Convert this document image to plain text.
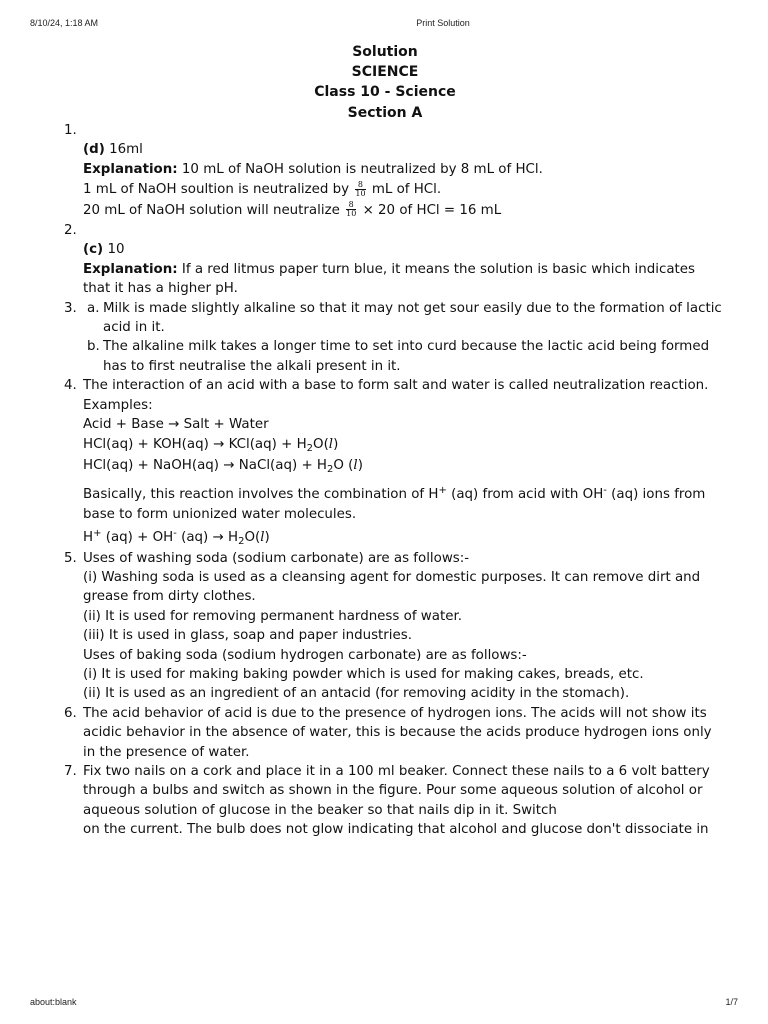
8/10/24, 1:18 AM	Print Solution
Solution
SCIENCE
Class 10 - Science
Section A
1.
(d) 16ml
Explanation: 10 mL of NaOH solution is neutralized by 8 mL of HCl.
1 mL of NaOH soultion is neutralized by $\frac{8}{10}$ mL of HCl.
20 mL of NaOH solution will neutralize $\frac{8}{10} \times 20$ of HCl = 16 mL
2.
(c) 10
Explanation: If a red litmus paper turn blue, it means the solution is basic which indicates that it has a higher pH.
3. a. Milk is made slightly alkaline so that it may not get sour easily due to the formation of lactic acid in it.
b. The alkaline milk takes a longer time to set into curd because the lactic acid being formed has to first neutralise the alkali present in it.
4. The interaction of an acid with a base to form salt and water is called neutralization reaction.
Examples:
Acid + Base → Salt + Water
$HCl(aq) + KOH(aq) \to KCl(aq) + H_2O(l)$
HCl(aq) + NaOH(aq) → NaCl(aq) + $H_2O$ (l)
Basically, this reaction involves the combination of H+ (aq) from acid with OH- (aq) ions from base to form unionized water molecules.
H+ (aq) + OH- $(aq) \to H_2O(l)$
5. Uses of washing soda (sodium carbonate) are as follows:-
(i) Washing soda is used as a cleansing agent for domestic purposes. It can remove dirt and grease from dirty clothes.
(ii) It is used for removing permanent hardness of water.
(iii) It is used in glass, soap and paper industries.
Uses of baking soda (sodium hydrogen carbonate) are as follows:-
(i) It is used for making baking powder which is used for making cakes, breads, etc.
(ii) It is used as an ingredient of an antacid (for removing acidity in the stomach).
6. The acid behavior of acid is due to the presence of hydrogen ions. The acids will not show its acidic behavior in the absence of water, this is because the acids produce hydrogen ions only in the presence of water.
7. Fix two nails on a cork and place it in a 100 ml beaker. Connect these nails to a 6 volt battery through a bulbs and switch as shown in the figure. Pour some aqueous solution of alcohol or aqueous solution of glucose in the beaker so that nails dip in it. Switch
on the current. The bulb does not glow indicating that alcohol and glucose don't dissociate in
about:blank	1/7
